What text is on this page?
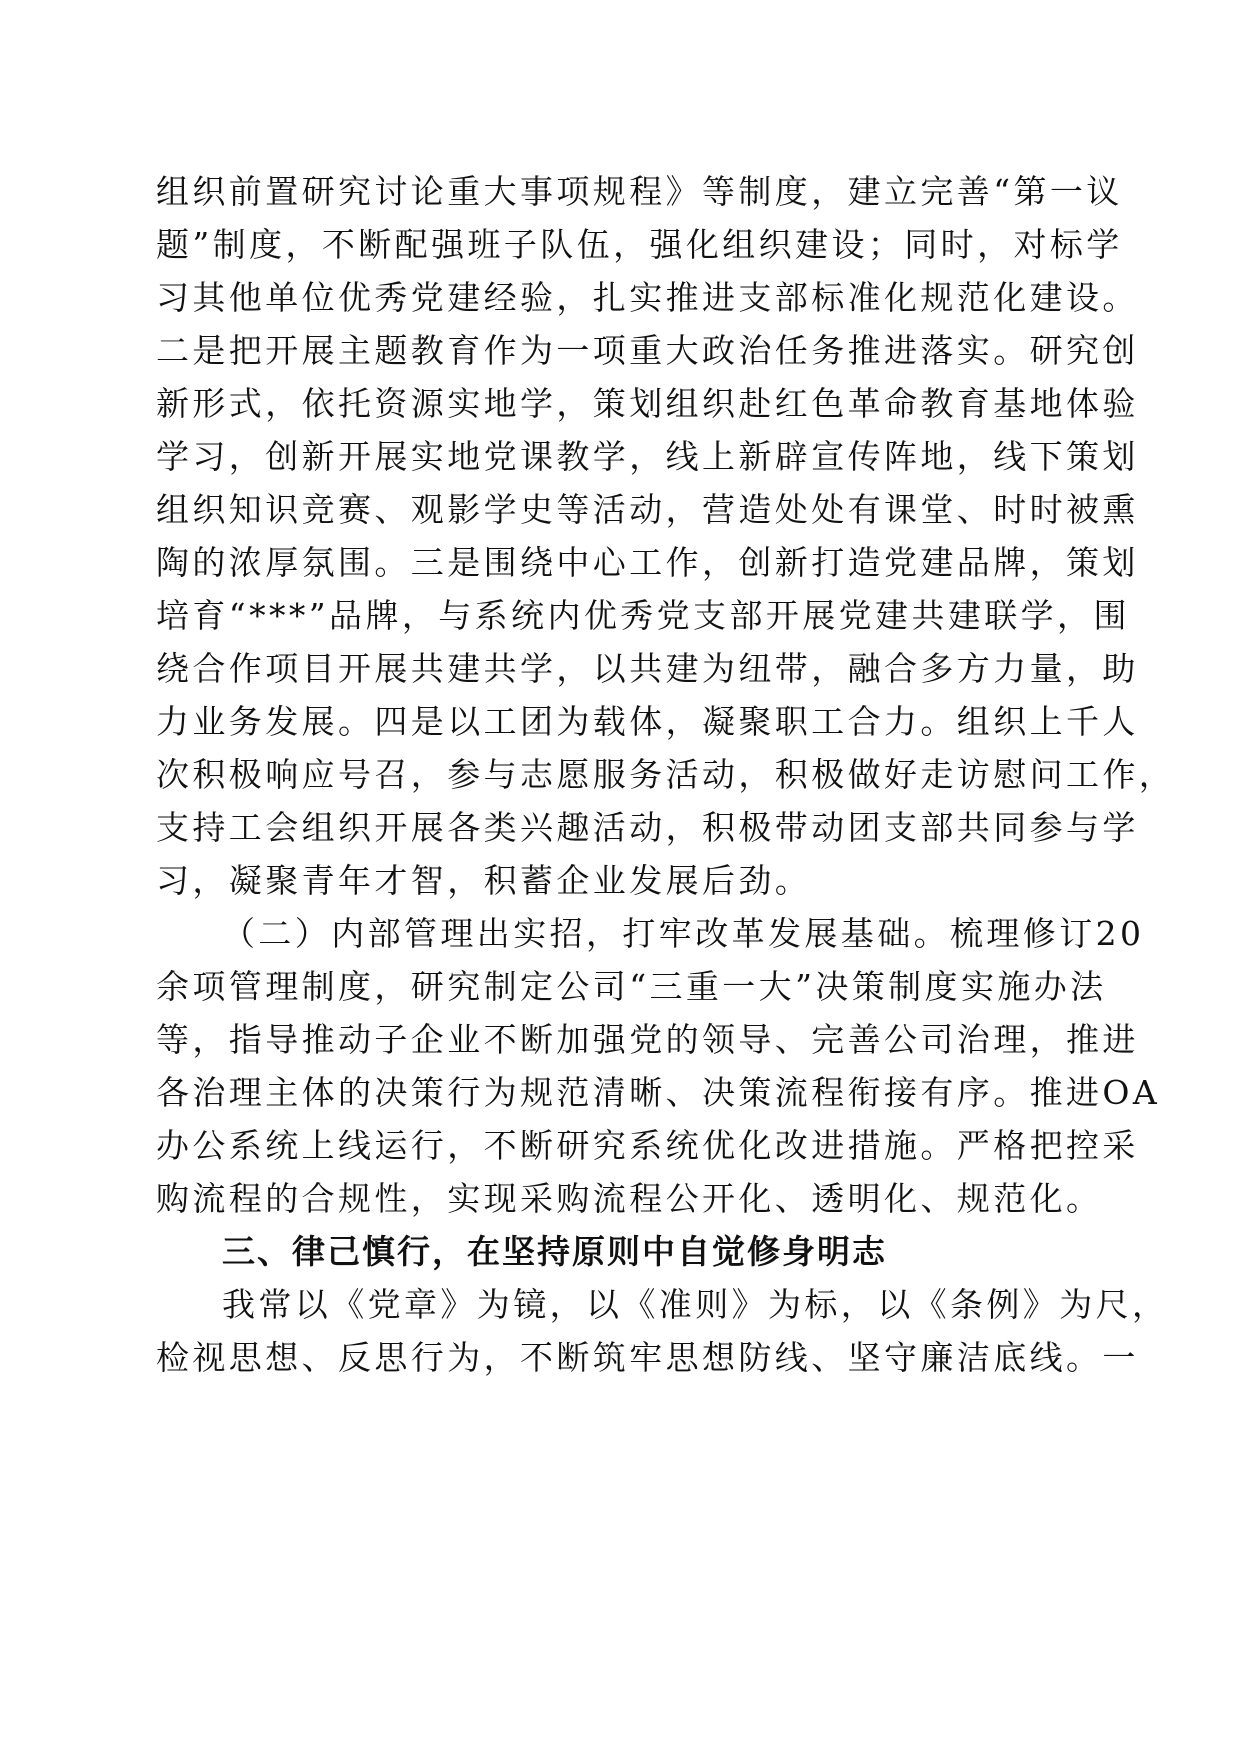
组织前置研究讨论重大事项规程》等制度，建立完善“第一议
题”制度，不断配强班子队伍，强化组织建设；同时，对标学
习其他单位优秀党建经验，扎实推进支部标准化规范化建设。
二是把开展主题教育作为一项重大政治任务推进落实。研究创
新形式，依托资源实地学，策划组织赴红色革命教育基地体验
学习，创新开展实地党课教学，线上新辟宣传阵地，线下策划
组织知识竞赛、观影学史等活动，营造处处有课堂、时时被熏
陶的浓厚氛围。三是围绕中心工作，创新打造党建品牌，策划
培育“***”品牌，与系统内优秀党支部开展党建共建联学，围
绕合作项目开展共建共学，以共建为纽带，融合多方力量，助
力业务发展。四是以工团为载体，凝聚职工合力。组织上千人
次积极响应号召，参与志愿服务活动，积极做好走访慰问工作，
支持工会组织开展各类兴趣活动，积极带动团支部共同参与学
习，凝聚青年才智，积蓄企业发展后劲。
（二）内部管理出实招，打牢改革发展基础。梳理修订20
余项管理制度，研究制定公司“三重一大”决策制度实施办法
等，指导推动子企业不断加强党的领导、完善公司治理，推进
各治理主体的决策行为规范清晰、决策流程衔接有序。推进OA
办公系统上线运行，不断研究系统优化改进措施。严格把控采
购流程的合规性，实现采购流程公开化、透明化、规范化。
三、律己慎行，在坚持原则中自觉修身明志
我常以《党章》为镜，以《准则》为标，以《条例》为尺，
检视思想、反思行为，不断筑牢思想防线、坚守廉洁底线。一
